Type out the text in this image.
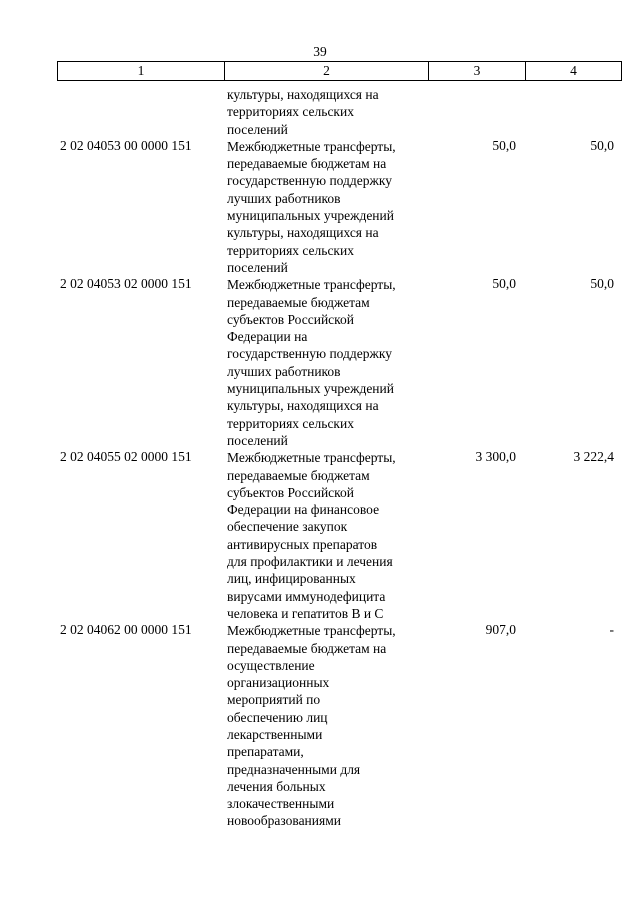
39
1	2	3	4
культуры, находящихся на
территориях сельских
поселений
2 02 04053 00 0000 151	Межбюджетные трансферты,
передаваемые бюджетам на
государственную поддержку
лучших работников
муниципальных учреждений
культуры, находящихся на
территориях сельских
поселений
50,0	50,0
2 02 04053 02 0000 151	Межбюджетные трансферты,
передаваемые бюджетам
субъектов Российской
Федерации на
государственную поддержку
лучших работников
муниципальных учреждений
культуры, находящихся на
территориях сельских
поселений
50,0	50,0
2 02 04055 02 0000 151	Межбюджетные трансферты,
передаваемые бюджетам
субъектов Российской
Федерации на финансовое
обеспечение закупок
антивирусных препаратов
для профилактики и лечения
лиц, инфицированных
вирусами иммунодефицита
человека и гепатитов В и С
3 300,0	3 222,4
2 02 04062 00 0000 151	Межбюджетные трансферты,
передаваемые бюджетам на
осуществление
организационных
мероприятий по
обеспечению лиц
лекарственными
препаратами,
предназначенными для
лечения больных
злокачественными
новообразованиями
907,0	-
